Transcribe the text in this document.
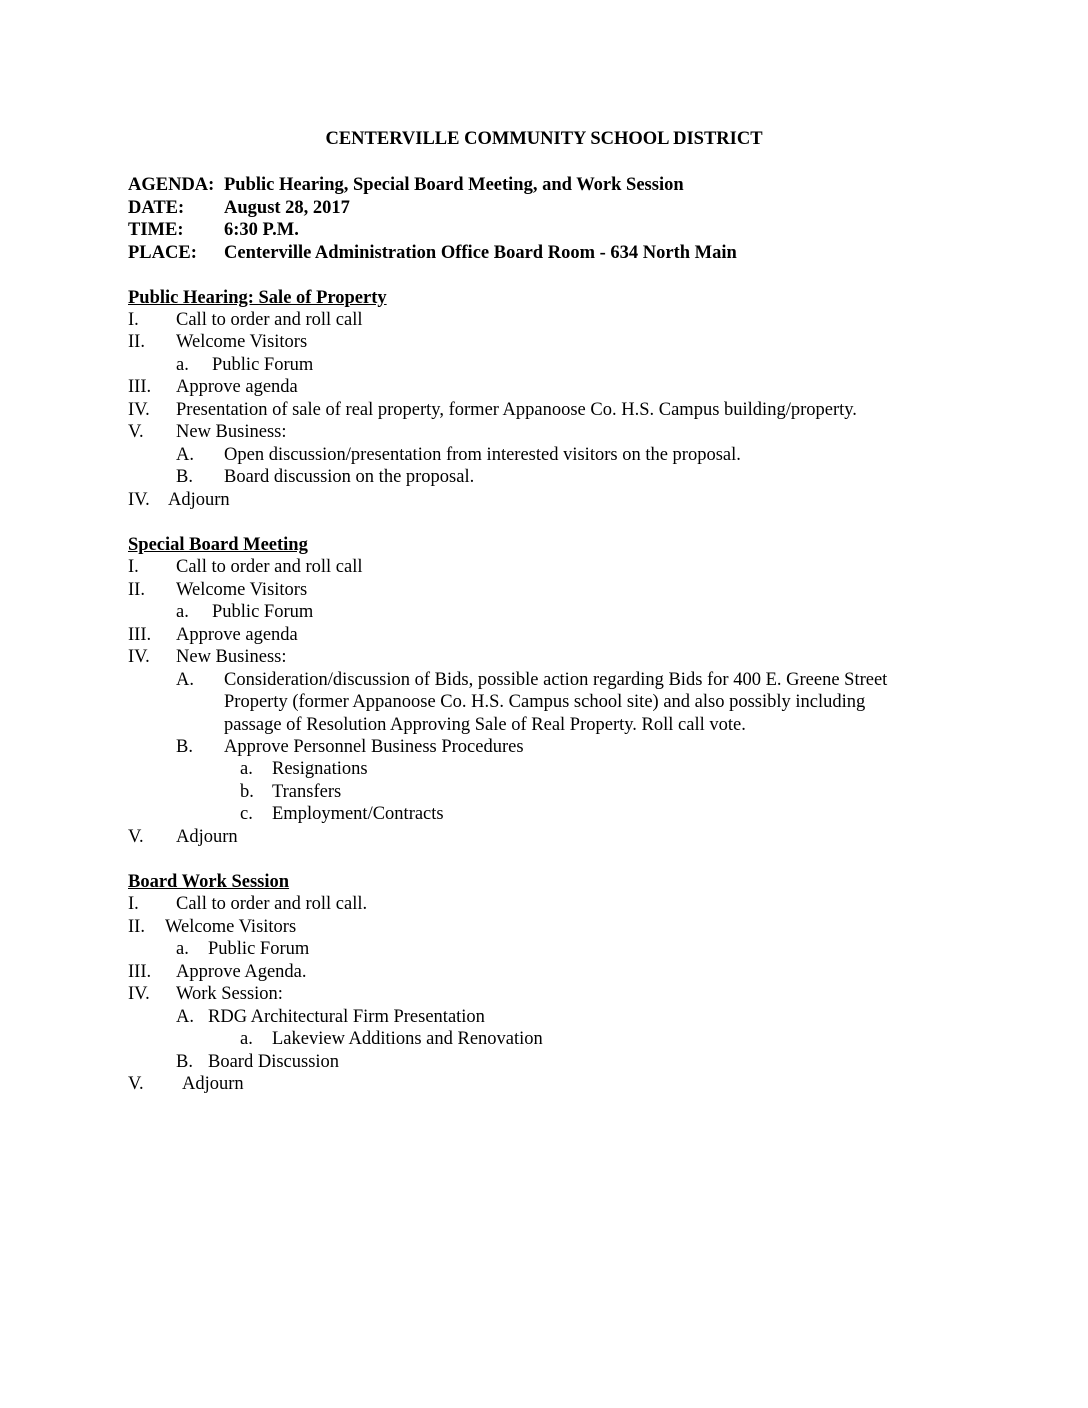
CENTERVILLE COMMUNITY SCHOOL DISTRICT
AGENDA: Public Hearing, Special Board Meeting, and Work Session
DATE: August 28, 2017
TIME: 6:30 P.M.
PLACE: Centerville Administration Office Board Room - 634 North Main
Public Hearing: Sale of Property
I. Call to order and roll call
II. Welcome Visitors
a. Public Forum
III. Approve agenda
IV. Presentation of sale of real property, former Appanoose Co. H.S. Campus building/property.
V. New Business:
A. Open discussion/presentation from interested visitors on the proposal.
B. Board discussion on the proposal.
IV. Adjourn
Special Board Meeting
I. Call to order and roll call
II. Welcome Visitors
a. Public Forum
III. Approve agenda
IV. New Business:
A. Consideration/discussion of Bids, possible action regarding Bids for 400 E. Greene Street
Property (former Appanoose Co. H.S. Campus school site) and also possibly including
passage of Resolution Approving Sale of Real Property. Roll call vote.
B. Approve Personnel Business Procedures
a. Resignations
b. Transfers
c. Employment/Contracts
V. Adjourn
Board Work Session
I. Call to order and roll call.
II. Welcome Visitors
a. Public Forum
III. Approve Agenda.
IV. Work Session:
A. RDG Architectural Firm Presentation
a. Lakeview Additions and Renovation
B. Board Discussion
V. Adjourn
